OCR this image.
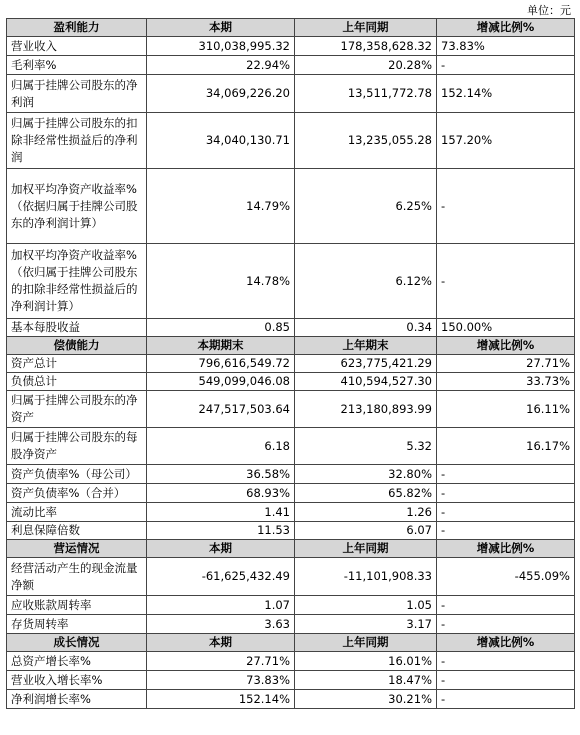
单位：元
盈利能力	本期	上年同期	增减比例%
营业收入	310,038,995.32	178,358,628.32	73.83%
毛利率%	22.94%	20.28%	-
归属于挂牌公司股东的净利润	34,069,226.20	13,511,772.78	152.14%
归属于挂牌公司股东的扣除非经常性损益后的净利润	34,040,130.71	13,235,055.28	157.20%
加权平均净资产收益率%（依据归属于挂牌公司股东的净利润计算）	14.79%	6.25%	-
加权平均净资产收益率%（依归属于挂牌公司股东的扣除非经常性损益后的净利润计算）	14.78%	6.12%	-
基本每股收益	0.85	0.34	150.00%
偿债能力	本期期末	上年期末	增减比例%
资产总计	796,616,549.72	623,775,421.29	27.71%
负债总计	549,099,046.08	410,594,527.30	33.73%
归属于挂牌公司股东的净资产	247,517,503.64	213,180,893.99	16.11%
归属于挂牌公司股东的每股净资产	6.18	5.32	16.17%
资产负债率%（母公司）	36.58%	32.80%	-
资产负债率%（合并）	68.93%	65.82%	-
流动比率	1.41	1.26	-
利息保障倍数	11.53	6.07	-
营运情况	本期	上年同期	增减比例%
经营活动产生的现金流量净额	-61,625,432.49	-11,101,908.33	-455.09%
应收账款周转率	1.07	1.05	-
存货周转率	3.63	3.17	-
成长情况	本期	上年同期	增减比例%
总资产增长率%	27.71%	16.01%	-
营业收入增长率%	73.83%	18.47%	-
净利润增长率%	152.14%	30.21%	-
